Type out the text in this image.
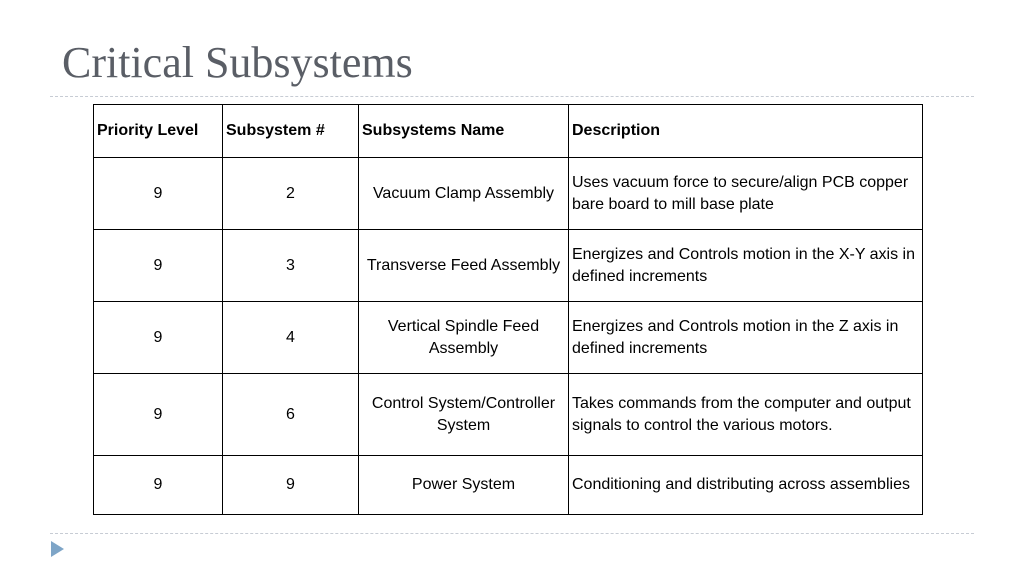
Critical Subsystems
Priority Level	Subsystem #	Subsystems Name	Description
9	2	Vacuum Clamp Assembly	Uses vacuum force to secure/align PCB copper bare board to mill base plate
9	3	Transverse Feed Assembly	Energizes and Controls motion in the X-Y axis in defined increments
9	4	Vertical Spindle Feed Assembly	Energizes and Controls motion in the Z axis in defined increments
9	6	Control System/Controller System	Takes commands from the computer and output signals to control the various motors.
9	9	Power System	Conditioning and distributing across assemblies
